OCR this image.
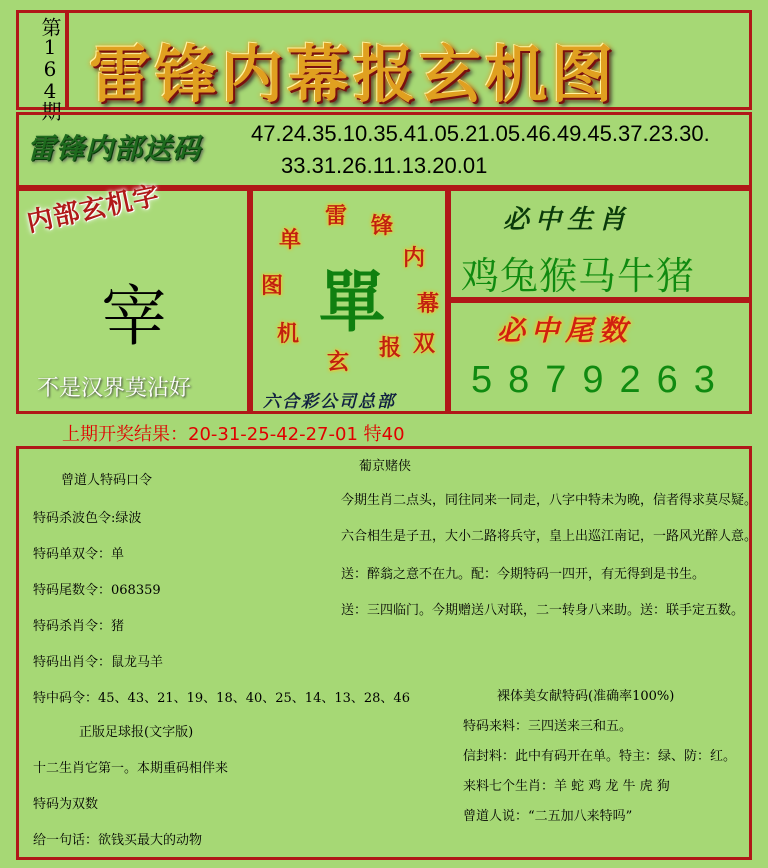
第164期 雷锋内幕报玄机图
雷锋内部送码 47.24.35.10.35.41.05.21.05.46.49.45.37.23.30.
33.31.26.11.13.20.01
内部玄机字
宰
不是汉界莫沾好
雷 锋
内
幕
报
玄
机
图
单
双
單
六合彩公司总部
必中生肖
鸡兔猴马牛猪
必中尾数
5879263
上期开奖结果：20-31-25-42-27-01 特40
曾道人特码口令
特码杀波色令:绿波
特码单双令：单
特码尾数令：068359
特码杀肖令：猪
特码出肖令：鼠龙马羊
特中码令：45、43、21、19、18、40、25、14、13、28、46
正版足球报(文字版)
十二生肖它第一。本期重码相伴来
特码为双数
给一句话：欲钱买最大的动物
葡京赌侠
今期生肖二点头，同往同来一同走，八字中特未为晚，信者得求莫尽疑。
六合相生是子丑，大小二路将兵守，皇上出巡江南记，一路风光醉人意。
送：醉翁之意不在九。配：今期特码一四开，有无得到是书生。
送：三四临门。今期赠送八对联，二一转身八来助。送：联手定五数。
裸体美女献特码(准确率100%)
特码来料：三四送来三和五。
信封料：此中有码开在单。特主：绿、防：红。
来料七个生肖：羊 蛇 鸡 龙 牛 虎 狗
曾道人说：“二五加八来特吗”
